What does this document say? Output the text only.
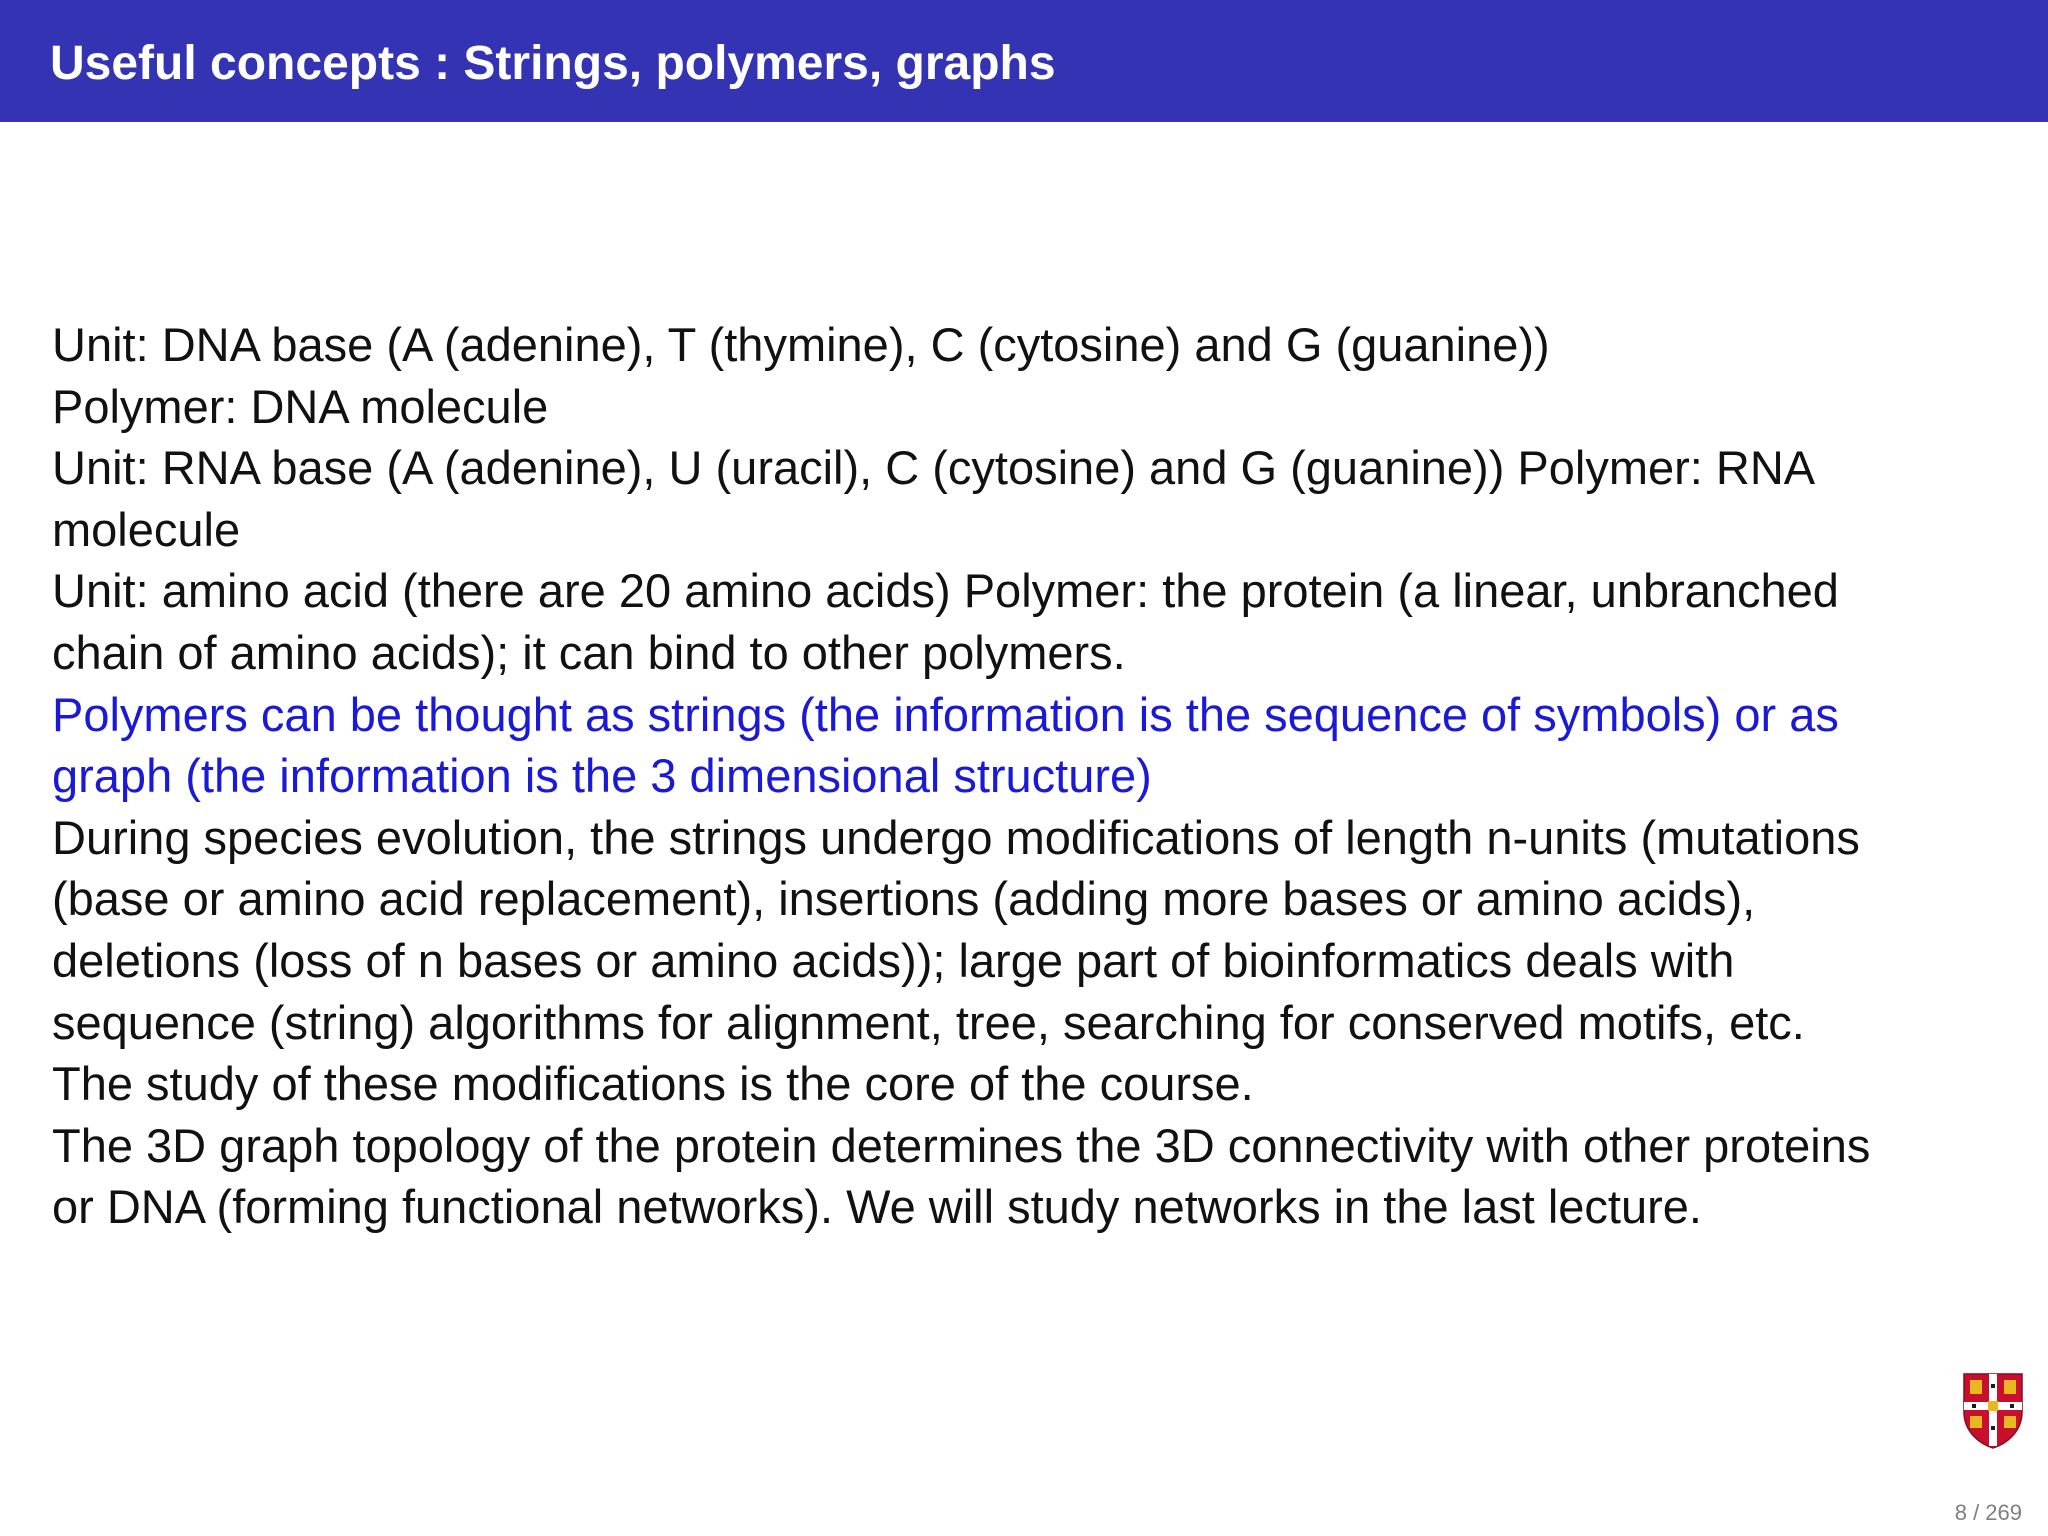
Useful concepts : Strings, polymers, graphs
Unit: DNA base (A (adenine), T (thymine), C (cytosine) and G (guanine))
Polymer: DNA molecule
Unit: RNA base (A (adenine), U (uracil), C (cytosine) and G (guanine)) Polymer: RNA
molecule
Unit: amino acid (there are 20 amino acids) Polymer: the protein (a linear, unbranched
chain of amino acids); it can bind to other polymers.
Polymers can be thought as strings (the information is the sequence of symbols) or as
graph (the information is the 3 dimensional structure)
During species evolution, the strings undergo modifications of length n-units (mutations
(base or amino acid replacement), insertions (adding more bases or amino acids),
deletions (loss of n bases or amino acids)); large part of bioinformatics deals with
sequence (string) algorithms for alignment, tree, searching for conserved motifs, etc.
The study of these modifications is the core of the course.
The 3D graph topology of the protein determines the 3D connectivity with other proteins
or DNA (forming functional networks). We will study networks in the last lecture.
8 / 269
